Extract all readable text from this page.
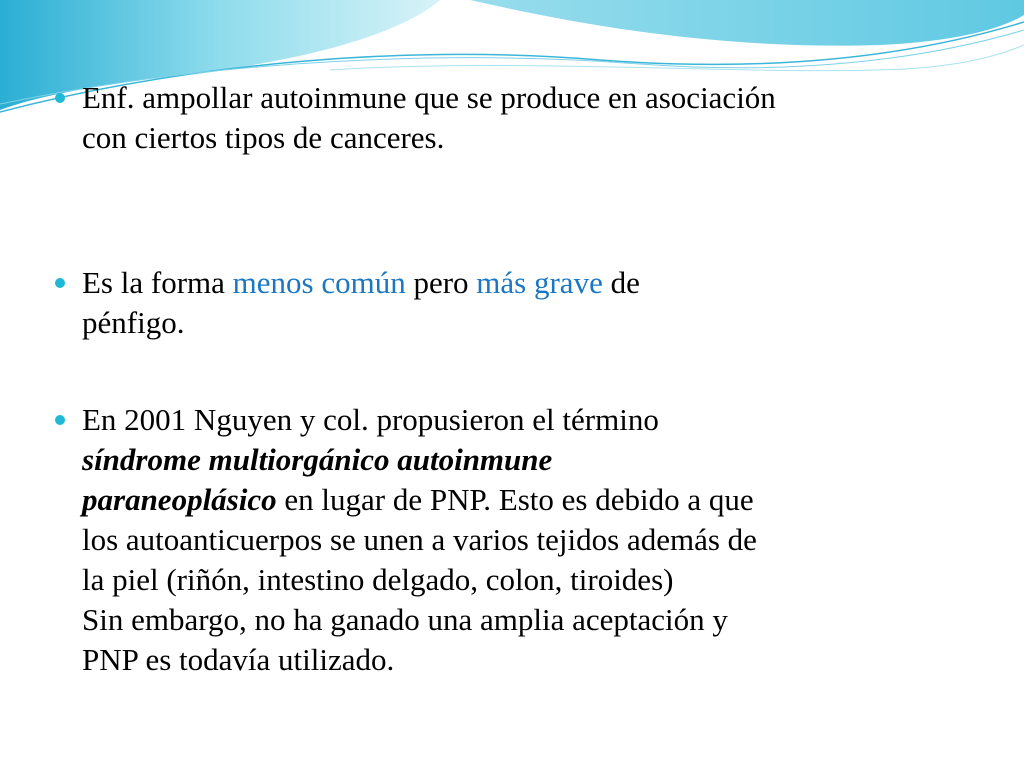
Enf. ampollar autoinmune que se produce en asociación
con ciertos tipos de canceres.
Es la forma menos común pero más grave de
pénfigo.
En 2001 Nguyen y col. propusieron el término
síndrome multiorgánico autoinmune
paraneoplásico en lugar de PNP. Esto es debido a que
los autoanticuerpos se unen a varios tejidos además de
la piel (riñón, intestino delgado, colon, tiroides)
Sin embargo, no ha ganado una amplia aceptación y
PNP es todavía utilizado.
